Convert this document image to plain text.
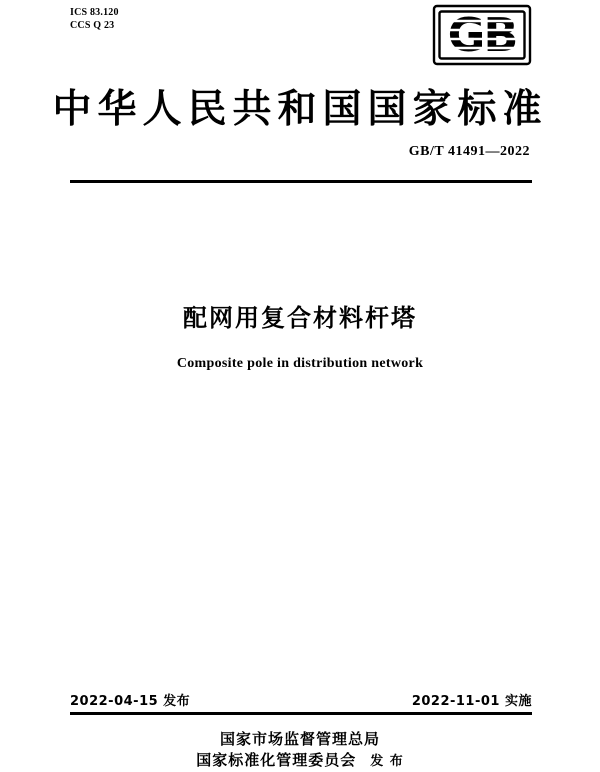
ICS 83.120
CCS Q 23	GB
中华人民共和国国家标准
GB/T 41491—2022
配网用复合材料杆塔
Composite pole in distribution network
2022-04-15 发布	2022-11-01 实施
国家市场监督管理总局
国家标准化管理委员会 发 布
